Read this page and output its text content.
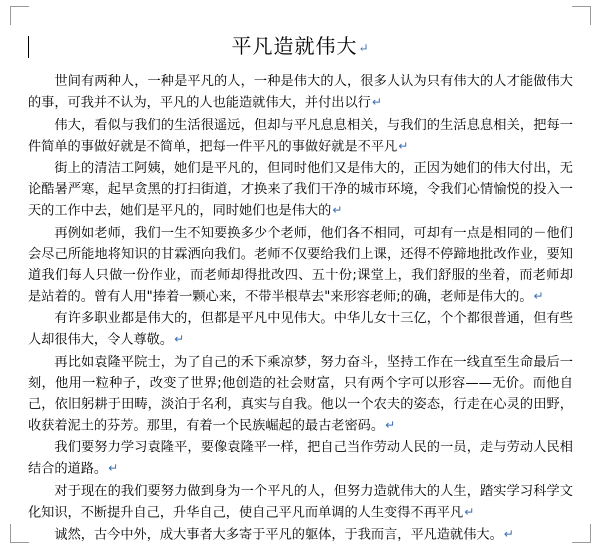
平凡造就伟大↵

世间有两种人，一种是平凡的人，一种是伟大的人，很多人认为只有伟大的人才能做伟大的事，可我并不认为，平凡的人也能造就伟大，并付出以行↵

伟大，看似与我们的生活很遥远，但却与平凡息息相关，与我们的生活息息相关，把每一件简单的事做好就是不简单，把每一件平凡的事做好就是不平凡↵

街上的清洁工阿姨，她们是平凡的，但同时他们又是伟大的，正因为她们的伟大付出，无论酷暑严寒，起早贪黑的打扫街道，才换来了我们干净的城市环境，令我们心情愉悦的投入一天的工作中去，她们是平凡的，同时她们也是伟大的↵

再例如老师，我们一生不知要换多少个老师，他们各不相同，可却有一点是相同的－他们会尽己所能地将知识的甘霖洒向我们。老师不仅要给我们上课，还得不停蹄地批改作业，要知道我们每人只做一份作业，而老师却得批改四、五十份;课堂上，我们舒服的坐着，而老师却是站着的。曾有人用"捧着一颗心来，不带半根草去"来形容老师;的确，老师是伟大的。↵

有许多职业都是伟大的，但都是平凡中见伟大。中华儿女十三亿，个个都很普通，但有些人却很伟大，令人尊敬。↵

再比如袁隆平院士，为了自己的禾下乘凉梦，努力奋斗，坚持工作在一线直至生命最后一刻，他用一粒种子，改变了世界;他创造的社会财富，只有两个字可以形容——无价。而他自己，依旧躬耕于田畴，淡泊于名利，真实与自我。他以一个农夫的姿态，行走在心灵的田野，收获着泥土的芬芳。那里，有着一个民族崛起的最古老密码。↵

我们要努力学习袁隆平，要像袁隆平一样，把自己当作劳动人民的一员，走与劳动人民相结合的道路。↵

对于现在的我们要努力做到身为一个平凡的人，但努力造就伟大的人生，踏实学习科学文化知识，不断提升自己，升华自己，使自己平凡而单调的人生变得不再平凡↵

诚然，古今中外，成大事者大多寄于平凡的躯体，于我而言，平凡造就伟大。↵
